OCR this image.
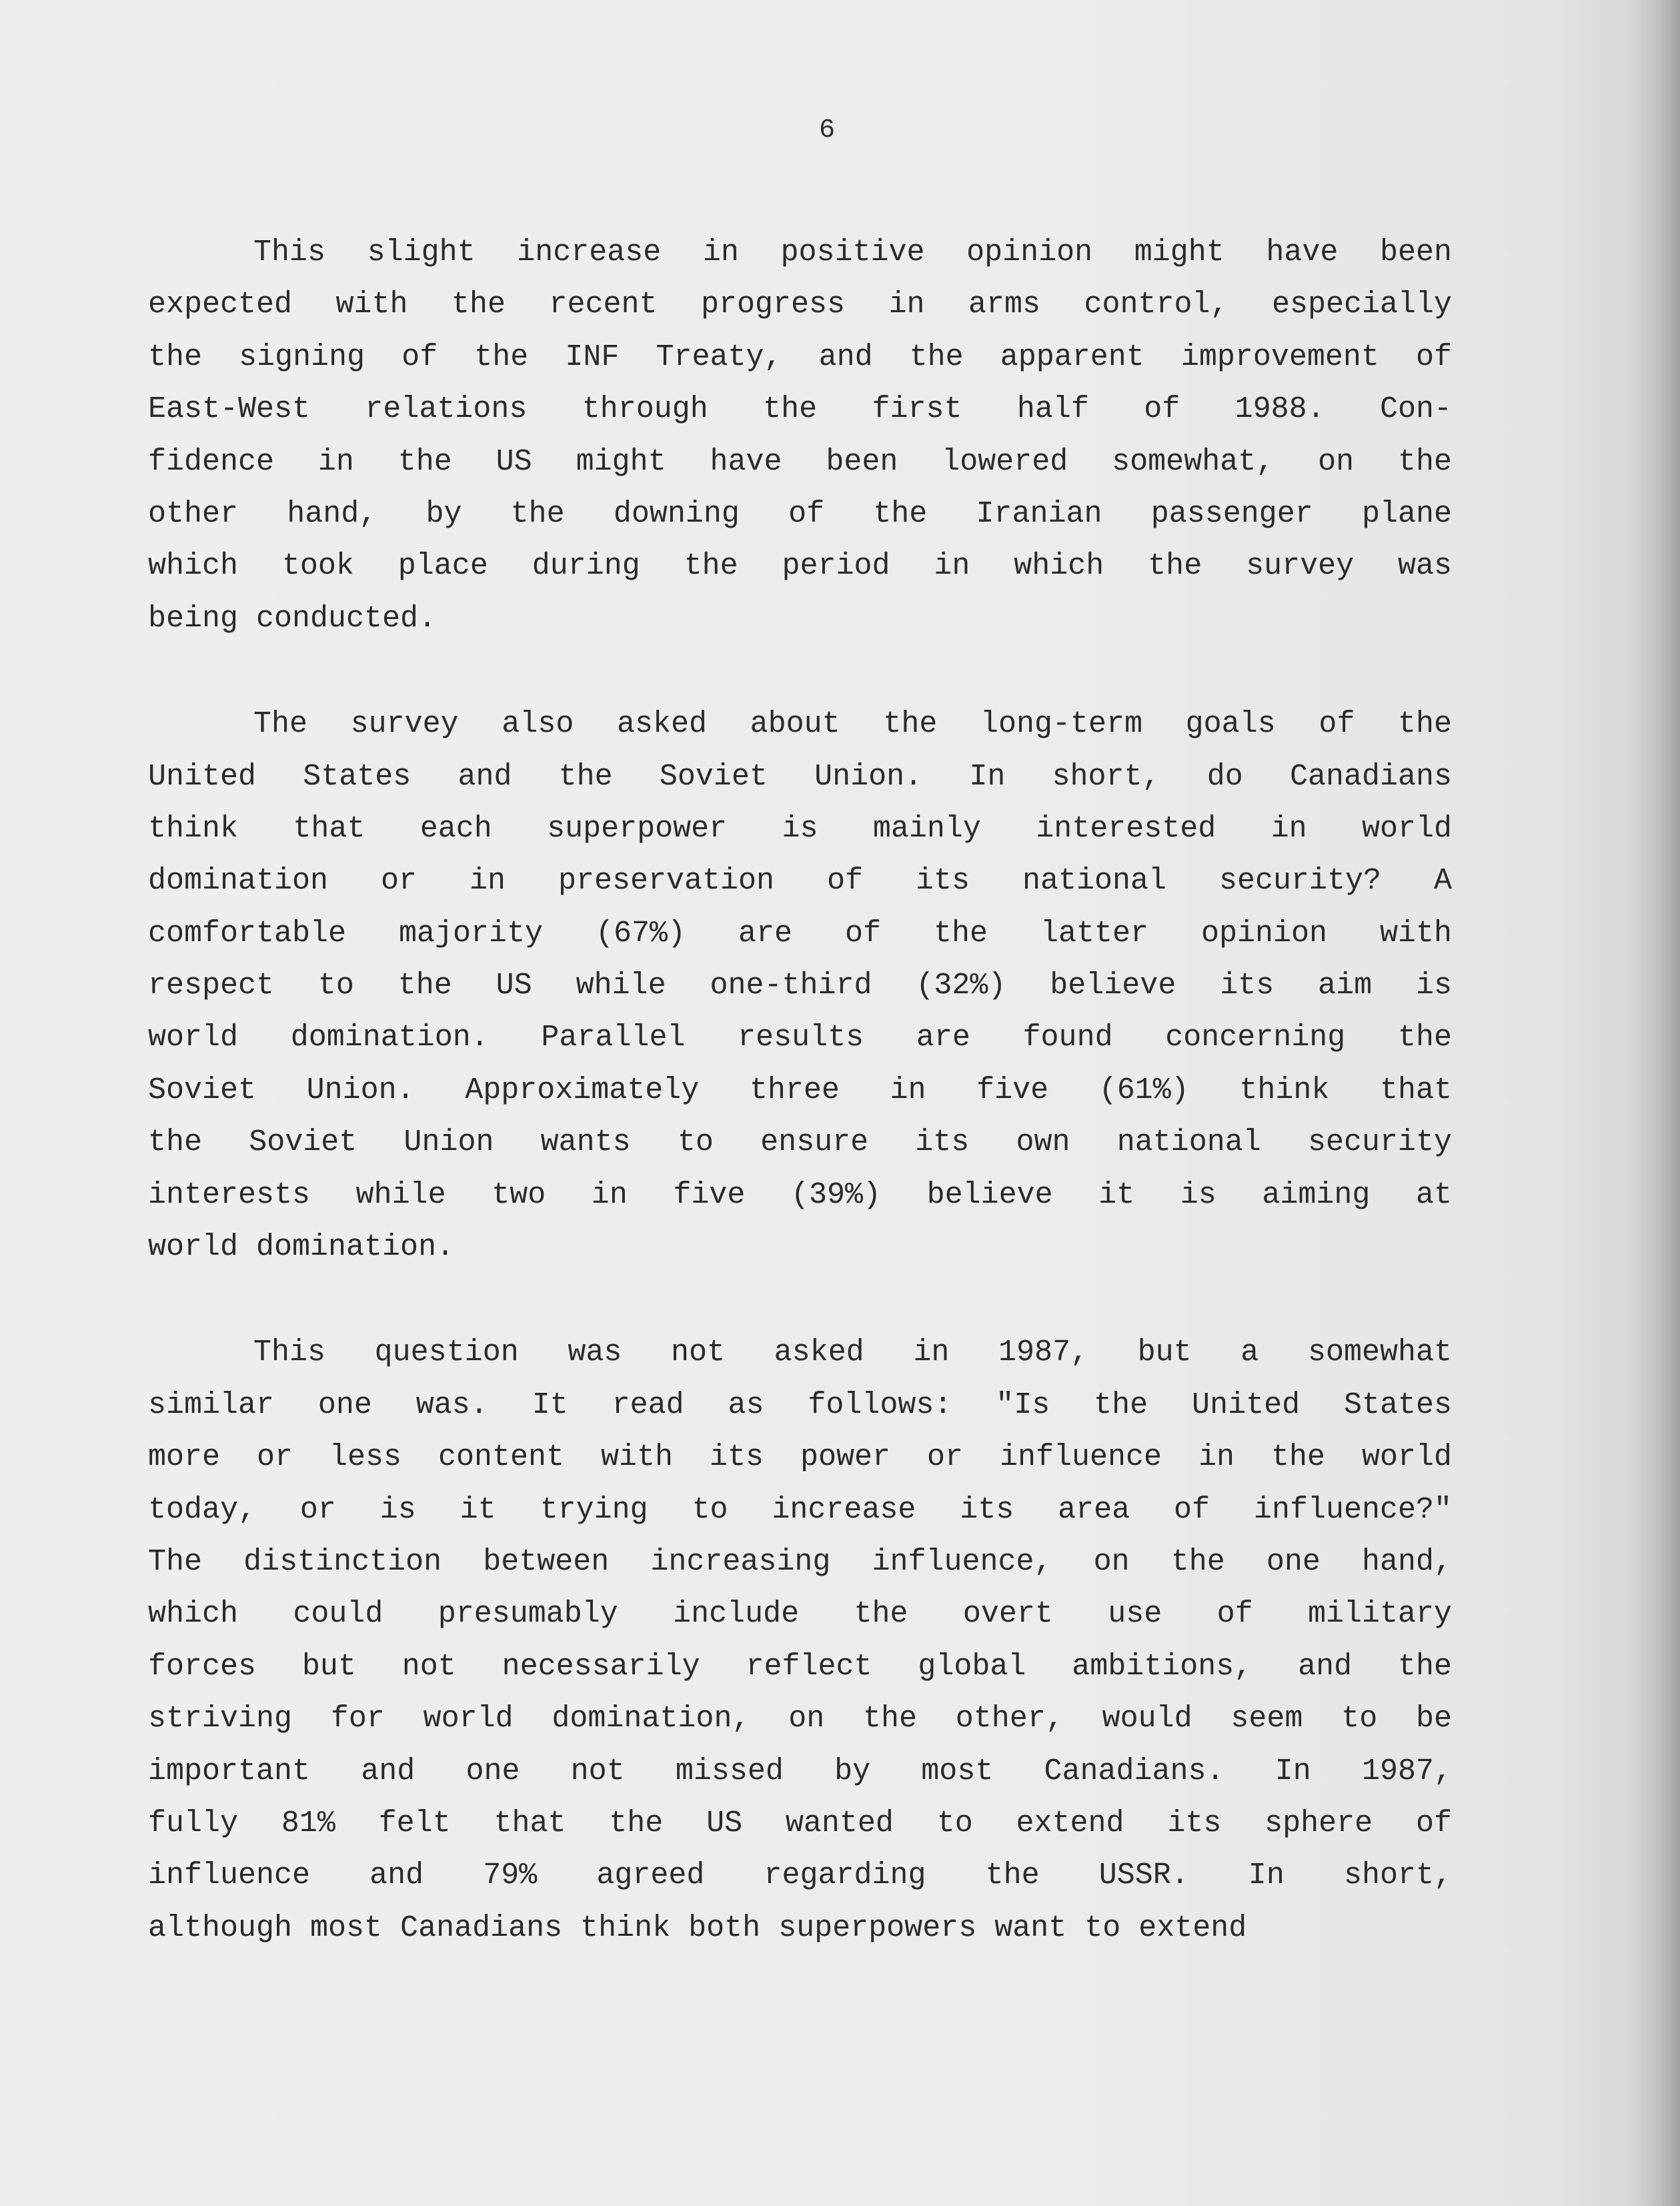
6
This slight increase in positive opinion might have been
expected with the recent progress in arms control, especially
the signing of the INF Treaty, and the apparent improvement of
East-West relations through the first half of 1988. Con-
fidence in the US might have been lowered somewhat, on the
other hand, by the downing of the Iranian passenger plane
which took place during the period in which the survey was
being conducted.
The survey also asked about the long-term goals of the
United States and the Soviet Union. In short, do Canadians
think that each superpower is mainly interested in world
domination or in preservation of its national security? A
comfortable majority (67%) are of the latter opinion with
respect to the US while one-third (32%) believe its aim is
world domination. Parallel results are found concerning the
Soviet Union. Approximately three in five (61%) think that
the Soviet Union wants to ensure its own national security
interests while two in five (39%) believe it is aiming at
world domination.
This question was not asked in 1987, but a somewhat
similar one was. It read as follows: "Is the United States
more or less content with its power or influence in the world
today, or is it trying to increase its area of influence?"
The distinction between increasing influence, on the one hand,
which could presumably include the overt use of military
forces but not necessarily reflect global ambitions, and the
striving for world domination, on the other, would seem to be
important and one not missed by most Canadians. In 1987,
fully 81% felt that the US wanted to extend its sphere of
influence and 79% agreed regarding the USSR. In short,
although most Canadians think both superpowers want to extend
